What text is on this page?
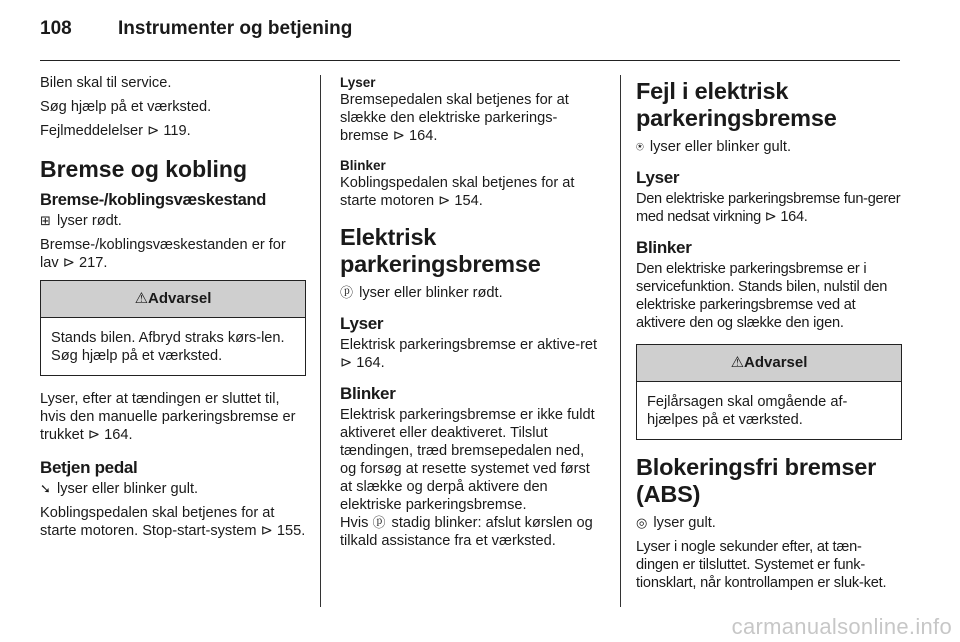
108 Instrumenter og betjening

Bilen skal til service.

Søg hjælp på et værksted.

Fejlmeddelelser ⊳ 119.

Bremse og kobling
Bremse-/koblingsvæskestand

⊞ lyser rødt.

Bremse-/koblingsvæskestanden er for lav ⊳ 217.

⚠Advarsel
Stands bilen. Afbryd straks kørs-len. Søg hjælp på et værksted.

Lyser, efter at tændingen er sluttet til, hvis den manuelle parkeringsbremse er trukket ⊳ 164.

Betjen pedal

➘ lyser eller blinker gult.

Koblingspedalen skal betjenes for at starte motoren. Stop-start-system ⊳ 155.

Lyser

Bremsepedalen skal betjenes for at slække den elektriske parkerings-bremse ⊳ 164.

Blinker

Koblingspedalen skal betjenes for at starte motoren ⊳ 154.

Elektrisk parkeringsbremse

ⓟ lyser eller blinker rødt.

Lyser

Elektrisk parkeringsbremse er aktive-ret ⊳ 164.

Blinker

Elektrisk parkeringsbremse er ikke fuldt aktiveret eller deaktiveret. Tilslut tændingen, træd bremsepedalen ned, og forsøg at resette systemet ved først at slække og derpå aktivere den elektriske parkeringsbremse.

Hvis ⓟ stadig blinker: afslut kørslen og tilkald assistance fra et værksted.

Fejl i elektrisk parkeringsbremse

⍟ lyser eller blinker gult.

Lyser

Den elektriske parkeringsbremse fun-gerer med nedsat virkning ⊳ 164.

Blinker

Den elektriske parkeringsbremse er i servicefunktion. Stands bilen, nulstil den elektriske parkeringsbremse ved at aktivere den og slække den igen.

⚠Advarsel
Fejlårsagen skal omgående af-hjælpes på et værksted.
Blokeringsfri bremser (ABS)

◎ lyser gult.

Lyser i nogle sekunder efter, at tæn-dingen er tilsluttet. Systemet er funk-tionsklart, når kontrollampen er sluk-ket.

carmanualsonline.info
